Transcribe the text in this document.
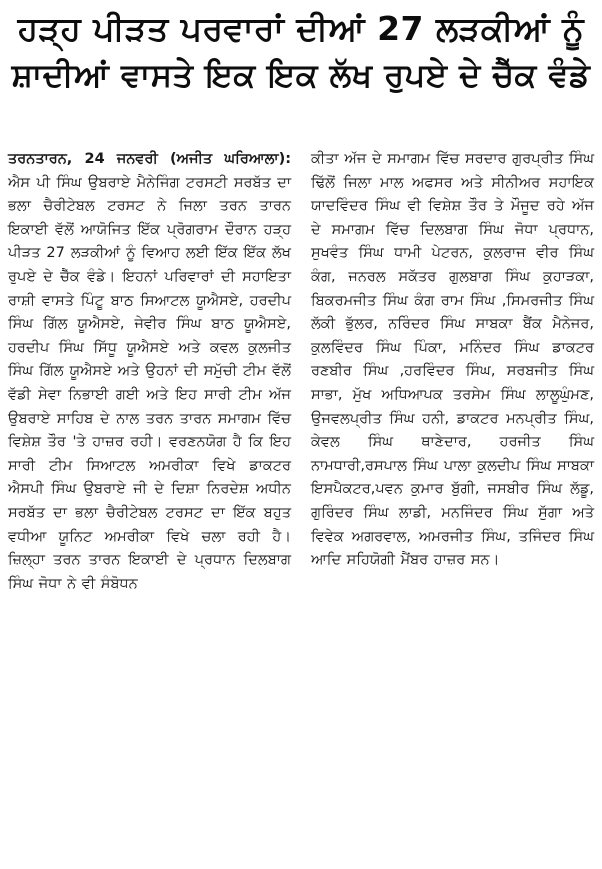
ਹੜ੍ਹ ਪੀੜਤ ਪਰਵਾਰਾਂ ਦੀਆਂ 27 ਲੜਕੀਆਂ ਨੂੰ
ਸ਼ਾਦੀਆਂ ਵਾਸਤੇ ਇਕ ਇਕ ਲੱਖ ਰੁਪਏ ਦੇ ਚੈੱਕ ਵੰਡੇ
ਤਰਨਤਾਰਨ, 24 ਜਨਵਰੀ (ਅਜੀਤ ਘਰਿਆਲਾ): ਐਸ ਪੀ ਸਿੰਘ ਉਬਰਾਏ ਮੈਨੇਜਿੰਗ ਟਰਸਟੀ ਸਰਬੱਤ ਦਾ ਭਲਾ ਚੈਰੀਟੇਬਲ ਟਰਸਟ ਨੇ ਜਿਲਾ ਤਰਨ ਤਾਰਨ ਇਕਾਈ ਵੱਲੋਂ ਆਯੋਜਿਤ ਇੱਕ ਪ੍ਰੋਗਰਾਮ ਦੌਰਾਨ ਹੜ੍ਹ ਪੀੜਤ 27 ਲੜਕੀਆਂ ਨੂੰ ਵਿਆਹ ਲਈ ਇੱਕ ਇੱਕ ਲੱਖ ਰੁਪਏ ਦੇ ਚੈੱਕ ਵੰਡੇ। ਇਹਨਾਂ ਪਰਿਵਾਰਾਂ ਦੀ ਸਹਾਇਤਾ ਰਾਸ਼ੀ ਵਾਸਤੇ ਪਿੰਟੂ ਬਾਠ ਸਿਆਟਲ ਯੂਐਸਏ, ਹਰਦੀਪ ਸਿੰਘ ਗਿੱਲ ਯੂਐਸਏ, ਜੇਵੀਰ ਸਿੰਘ ਬਾਠ ਯੂਐਸਏ, ਹਰਦੀਪ ਸਿੰਘ ਸਿੱਧੂ ਯੂਐਸਏ ਅਤੇ ਕਵਲ ਕੁਲਜੀਤ ਸਿੰਘ ਗਿੱਲ ਯੂਐਸਏ ਅਤੇ ਉਹਨਾਂ ਦੀ ਸਮੁੱਚੀ ਟੀਮ ਵੱਲੋਂ ਵੱਡੀ ਸੇਵਾ ਨਿਭਾਈ ਗਈ ਅਤੇ ਇਹ ਸਾਰੀ ਟੀਮ ਅੱਜ ਉਬਰਾਏ ਸਾਹਿਬ ਦੇ ਨਾਲ ਤਰਨ ਤਾਰਨ ਸਮਾਗਮ ਵਿੱਚ ਵਿਸ਼ੇਸ਼ ਤੌਰ 'ਤੇ ਹਾਜ਼ਰ ਰਹੀ। ਵਰਣਨਯੋਗ ਹੈ ਕਿ ਇਹ ਸਾਰੀ ਟੀਮ ਸਿਆਟਲ ਅਮਰੀਕਾ ਵਿਖੇ ਡਾਕਟਰ ਐਸਪੀ ਸਿੰਘ ਉਬਰਾਏ ਜੀ ਦੇ ਦਿਸ਼ਾ ਨਿਰਦੇਸ਼ ਅਧੀਨ ਸਰਬੱਤ ਦਾ ਭਲਾ ਚੈਰੀਟੇਬਲ ਟਰਸਟ ਦਾ ਇੱਕ ਬਹੁਤ ਵਧੀਆ ਯੂਨਿਟ ਅਮਰੀਕਾ ਵਿਖੇ ਚਲਾ ਰਹੀ ਹੈ। ਜ਼ਿਲ੍ਹਾ ਤਰਨ ਤਾਰਨ ਇਕਾਈ ਦੇ ਪ੍ਰਧਾਨ ਦਿਲਬਾਗ ਸਿੰਘ ਜੋਧਾ ਨੇ ਵੀ ਸੰਬੋਧਨ
ਕੀਤਾ ਅੱਜ ਦੇ ਸਮਾਗਮ ਵਿੱਚ ਸਰਦਾਰ ਗੁਰਪ੍ਰੀਤ ਸਿੰਘ ਢਿੱਲੋਂ ਜਿਲਾ ਮਾਲ ਅਫਸਰ ਅਤੇ ਸੀਨੀਅਰ ਸਹਾਇਕ ਯਾਦਵਿੰਦਰ ਸਿੰਘ ਵੀ ਵਿਸ਼ੇਸ਼ ਤੌਰ ਤੇ ਮੌਜੂਦ ਰਹੇ ਅੱਜ ਦੇ ਸਮਾਗਮ ਵਿੱਚ ਦਿਲਬਾਗ ਸਿੰਘ ਜੋਧਾ ਪ੍ਰਧਾਨ, ਸੁਖਵੰਤ ਸਿੰਘ ਧਾਮੀ ਪੇਟਰਨ, ਕੁਲਰਾਜ ਵੀਰ ਸਿੰਘ ਕੰਗ, ਜਨਰਲ ਸਕੱਤਰ ਗੁਲਬਾਗ ਸਿੰਘ ਕੁਹਾੜਕਾ, ਬਿਕਰਮਜੀਤ ਸਿੰਘ ਕੰਗ ਰਾਮ ਸਿੰਘ ,ਸਿਮਰਜੀਤ ਸਿੰਘ ਲੱਕੀ ਭੁੱਲਰ, ਨਰਿੰਦਰ ਸਿੰਘ ਸਾਬਕਾ ਬੈਂਕ ਮੈਨੇਜਰ, ਕੁਲਵਿੰਦਰ ਸਿੰਘ ਪਿੰਕਾ, ਮਨਿੰਦਰ ਸਿੰਘ ਡਾਕਟਰ ਰਣਬੀਰ ਸਿੰਘ ,ਹਰਵਿੰਦਰ ਸਿੰਘ, ਸਰਬਜੀਤ ਸਿੰਘ ਸਾਭਾ, ਮੁੱਖ ਅਧਿਆਪਕ ਤਰਸੇਮ ਸਿੰਘ ਲਾਲੂਘੁੰਮਣ, ਉਜਵਲਪ੍ਰੀਤ ਸਿੰਘ ਹਨੀ, ਡਾਕਟਰ ਮਨਪ੍ਰੀਤ ਸਿੰਘ, ਕੇਵਲ ਸਿੰਘ ਥਾਣੇਦਾਰ, ਹਰਜੀਤ ਸਿੰਘ ਨਾਮਧਾਰੀ,ਰਸਪਾਲ ਸਿੰਘ ਪਾਲਾ ਕੁਲਦੀਪ ਸਿੰਘ ਸਾਬਕਾ ਇਸਪੈਕਟਰ,ਪਵਨ ਕੁਮਾਰ ਬੁੱਗੀ, ਜਸਬੀਰ ਸਿੰਘ ਲੱਡੂ, ਗੁਰਿੰਦਰ ਸਿੰਘ ਲਾਡੀ, ਮਨਜਿੰਦਰ ਸਿੰਘ ਸੁੱਗਾ ਅਤੇ ਵਿਵੇਕ ਅਗਰਵਾਲ, ਅਮਰਜੀਤ ਸਿੰਘ, ਤਜਿੰਦਰ ਸਿੰਘ ਆਦਿ ਸਹਿਯੋਗੀ ਮੈਂਬਰ ਹਾਜ਼ਰ ਸਨ।
